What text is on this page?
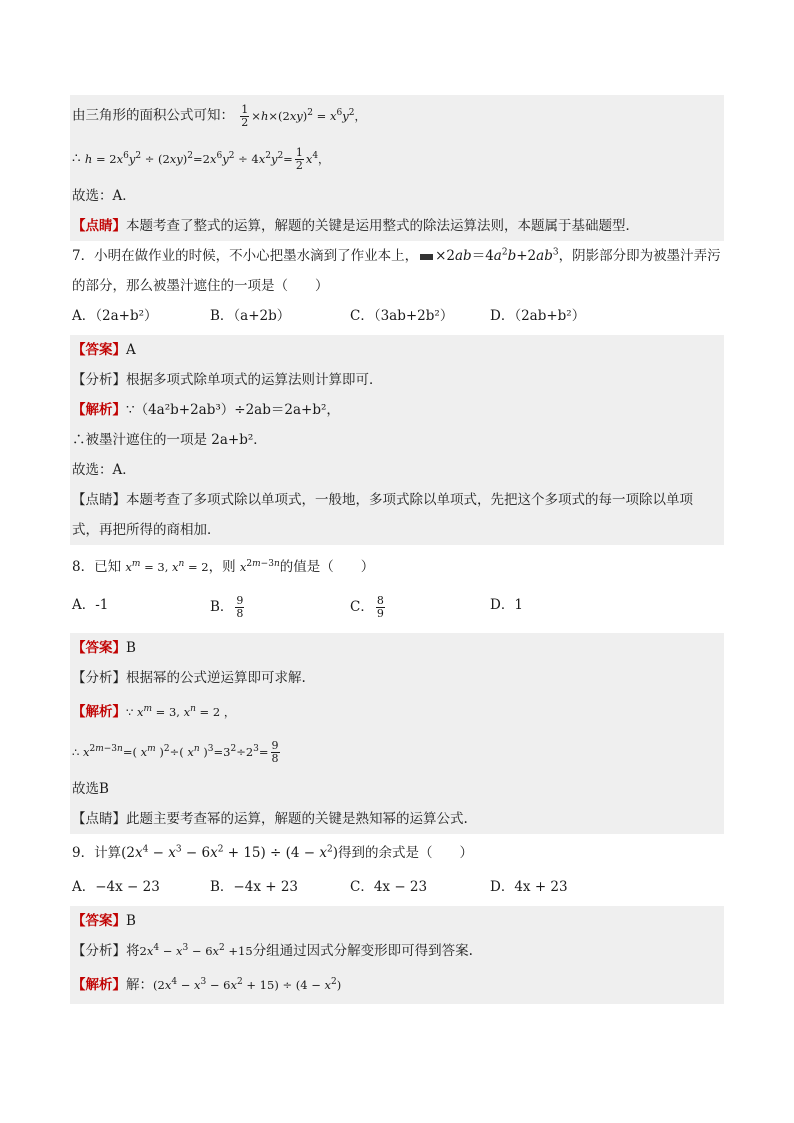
由三角形的面积公式可知： $\frac{1}{2} \times h\times(2xy)^2 = x^6y^2$，
∴ $h = 2x^6y^2 \div (2xy)^2=2x^6y^2 \div 4x^2y^2= \frac{1}{2} x^4$，
故选：A．
【点睛】本题考查了整式的运算，解题的关键是运用整式的除法运算法则，本题属于基础题型．
7．小明在做作业的时候，不小心把墨水滴到了作业本上， $\times 2ab=4a^2b+2ab^3$，阴影部分即为被墨汁弄污
的部分，那么被墨汁遮住的一项是（　　）
A．（2a+b²）	B．（a+2b）	C．（3ab+2b²）	D．（2ab+b²）
【答案】A
【分析】根据多项式除单项式的运算法则计算即可．
【解析】∵（4a²b+2ab³）÷2ab＝2a+b²，
∴被墨汁遮住的一项是 2a+b²．
故选：A．
【点睛】本题考查了多项式除以单项式，一般地，多项式除以单项式，先把这个多项式的每一项除以单项
式，再把所得的商相加．
8．已知 $x^m = 3$, $x^n = 2$，则 $x^{2m-3n}$的值是（　　）
A．-1	B． $\frac{9}{8}$	C． $\frac{8}{9}$	D．1
【答案】B
【分析】根据幂的公式逆运算即可求解.
【解析】∵ $x^m = 3$, $x^n = 2$ ，
∴ $x^{2m-3n}=$( $x^m$ )$^2$÷( $x^n$ )$^3=3^2\div 2^3= \frac{9}{8}$
故选B
【点睛】此题主要考查幂的运算，解题的关键是熟知幂的运算公式.
9．计算$(2x^4 - x^3 - 6x^2 + 15) \div (4 - x^2)$得到的余式是（　　）
A．−4x − 23	B．−4x + 23	C．4x − 23	D．4x + 23
【答案】B
【分析】将$2x^4 - x^3 - 6x^2 +15$分组通过因式分解变形即可得到答案.
【解析】解：$(2x^4 - x^3 - 6x^2 + 15) \div (4 - x^2)$
